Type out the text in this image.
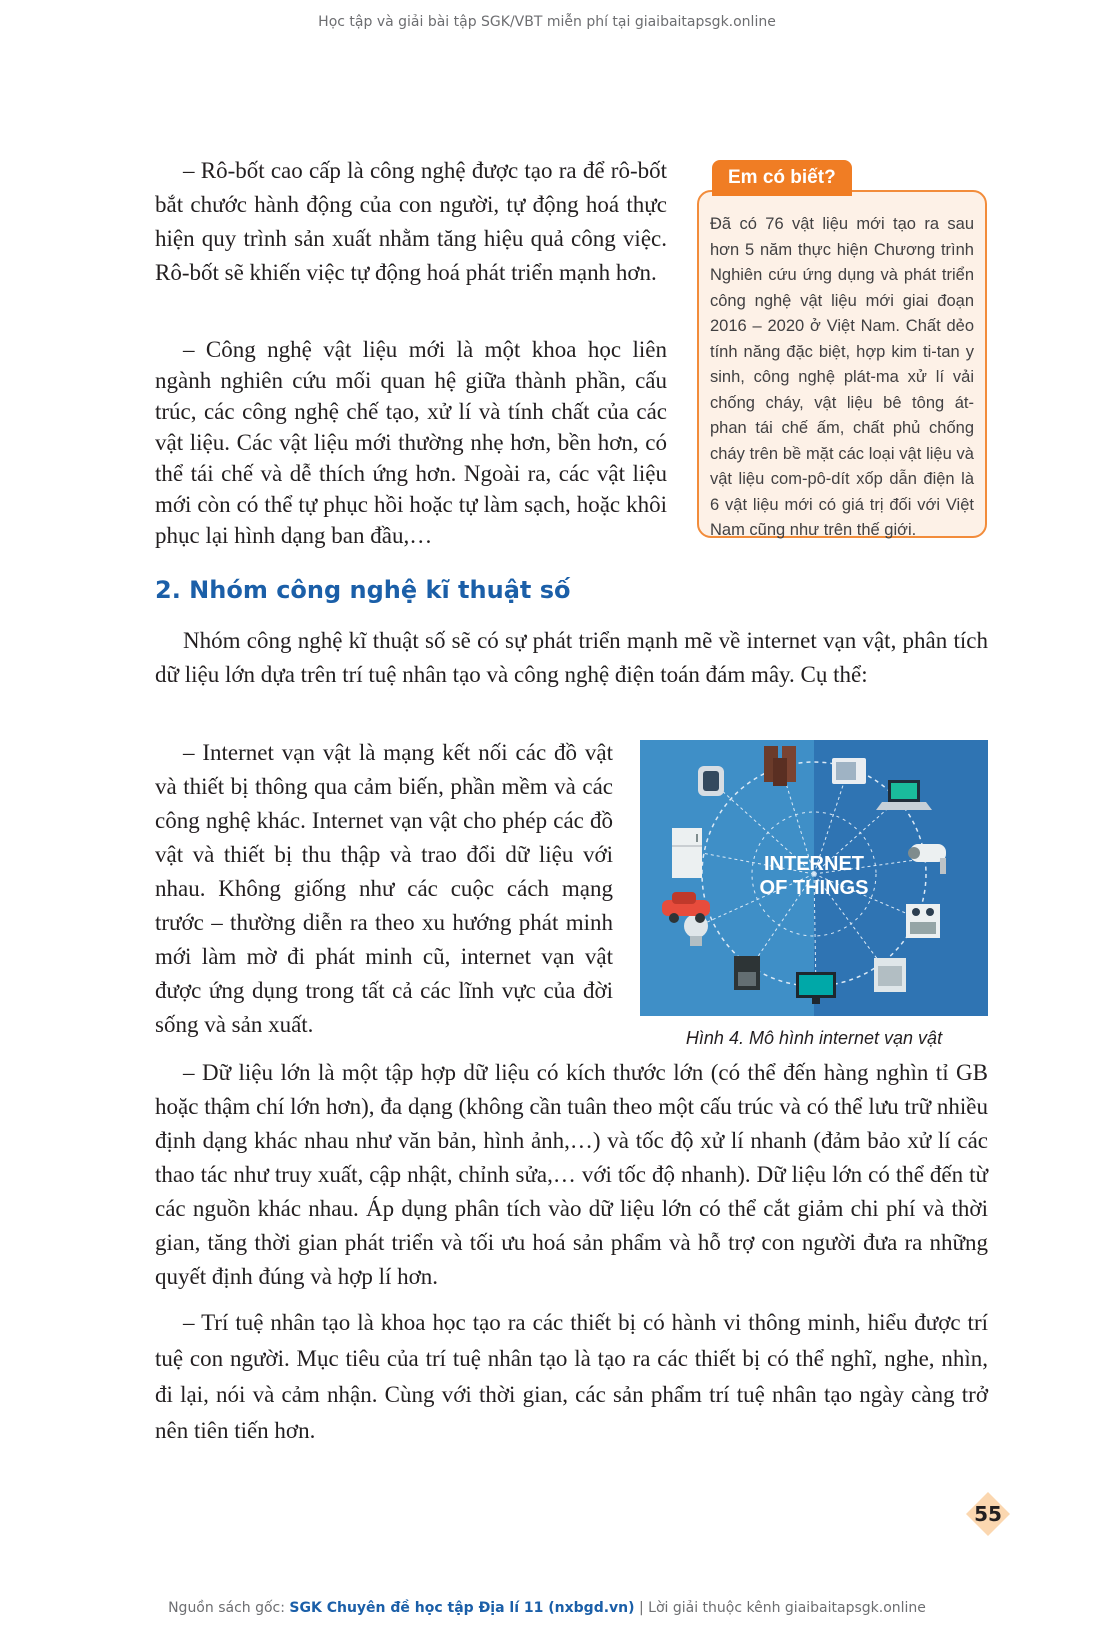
Học tập và giải bài tập SGK/VBT miễn phí tại giaibaitapsgk.online

– Rô-bốt cao cấp là công nghệ được tạo ra để rô-bốt bắt chước hành động của con người, tự động hoá thực hiện quy trình sản xuất nhằm tăng hiệu quả công việc. Rô-bốt sẽ khiến việc tự động hoá phát triển mạnh hơn.

– Công nghệ vật liệu mới là một khoa học liên ngành nghiên cứu mối quan hệ giữa thành phần, cấu trúc, các công nghệ chế tạo, xử lí và tính chất của các vật liệu. Các vật liệu mới thường nhẹ hơn, bền hơn, có thể tái chế và dễ thích ứng hơn. Ngoài ra, các vật liệu mới còn có thể tự phục hồi hoặc tự làm sạch, hoặc khôi phục lại hình dạng ban đầu,…

Em có biết?

Đã có 76 vật liệu mới tạo ra sau hơn 5 năm thực hiện Chương trình Nghiên cứu ứng dụng và phát triển công nghệ vật liệu mới giai đoạn 2016 – 2020 ở Việt Nam. Chất dẻo tính năng đặc biệt, hợp kim ti-tan y sinh, công nghệ plát-ma xử lí vải chống cháy, vật liệu bê tông át-phan tái chế ấm, chất phủ chống cháy trên bề mặt các loại vật liệu và vật liệu com-pô-dít xốp dẫn điện là 6 vật liệu mới có giá trị đối với Việt Nam cũng như trên thế giới.

2. Nhóm công nghệ kĩ thuật số

Nhóm công nghệ kĩ thuật số sẽ có sự phát triển mạnh mẽ về internet vạn vật, phân tích dữ liệu lớn dựa trên trí tuệ nhân tạo và công nghệ điện toán đám mây. Cụ thể:

– Internet vạn vật là mạng kết nối các đồ vật và thiết bị thông qua cảm biến, phần mềm và các công nghệ khác. Internet vạn vật cho phép các đồ vật và thiết bị thu thập và trao đổi dữ liệu với nhau. Không giống như các cuộc cách mạng trước – thường diễn ra theo xu hướng phát minh mới làm mờ đi phát minh cũ, internet vạn vật được ứng dụng trong tất cả các lĩnh vực của đời sống và sản xuất.

INTERNET
OF THINGS
Hình 4. Mô hình internet vạn vật

– Dữ liệu lớn là một tập hợp dữ liệu có kích thước lớn (có thể đến hàng nghìn tỉ GB hoặc thậm chí lớn hơn), đa dạng (không cần tuân theo một cấu trúc và có thể lưu trữ nhiều định dạng khác nhau như văn bản, hình ảnh,…) và tốc độ xử lí nhanh (đảm bảo xử lí các thao tác như truy xuất, cập nhật, chỉnh sửa,… với tốc độ nhanh). Dữ liệu lớn có thể đến từ các nguồn khác nhau. Áp dụng phân tích vào dữ liệu lớn có thể cắt giảm chi phí và thời gian, tăng thời gian phát triển và tối ưu hoá sản phẩm và hỗ trợ con người đưa ra những quyết định đúng và hợp lí hơn.

– Trí tuệ nhân tạo là khoa học tạo ra các thiết bị có hành vi thông minh, hiểu được trí tuệ con người. Mục tiêu của trí tuệ nhân tạo là tạo ra các thiết bị có thể nghĩ, nghe, nhìn, đi lại, nói và cảm nhận. Cùng với thời gian, các sản phẩm trí tuệ nhân tạo ngày càng trở nên tiên tiến hơn.

55
Nguồn sách gốc: SGK Chuyên đề học tập Địa lí 11 (nxbgd.vn) | Lời giải thuộc kênh giaibaitapsgk.online
